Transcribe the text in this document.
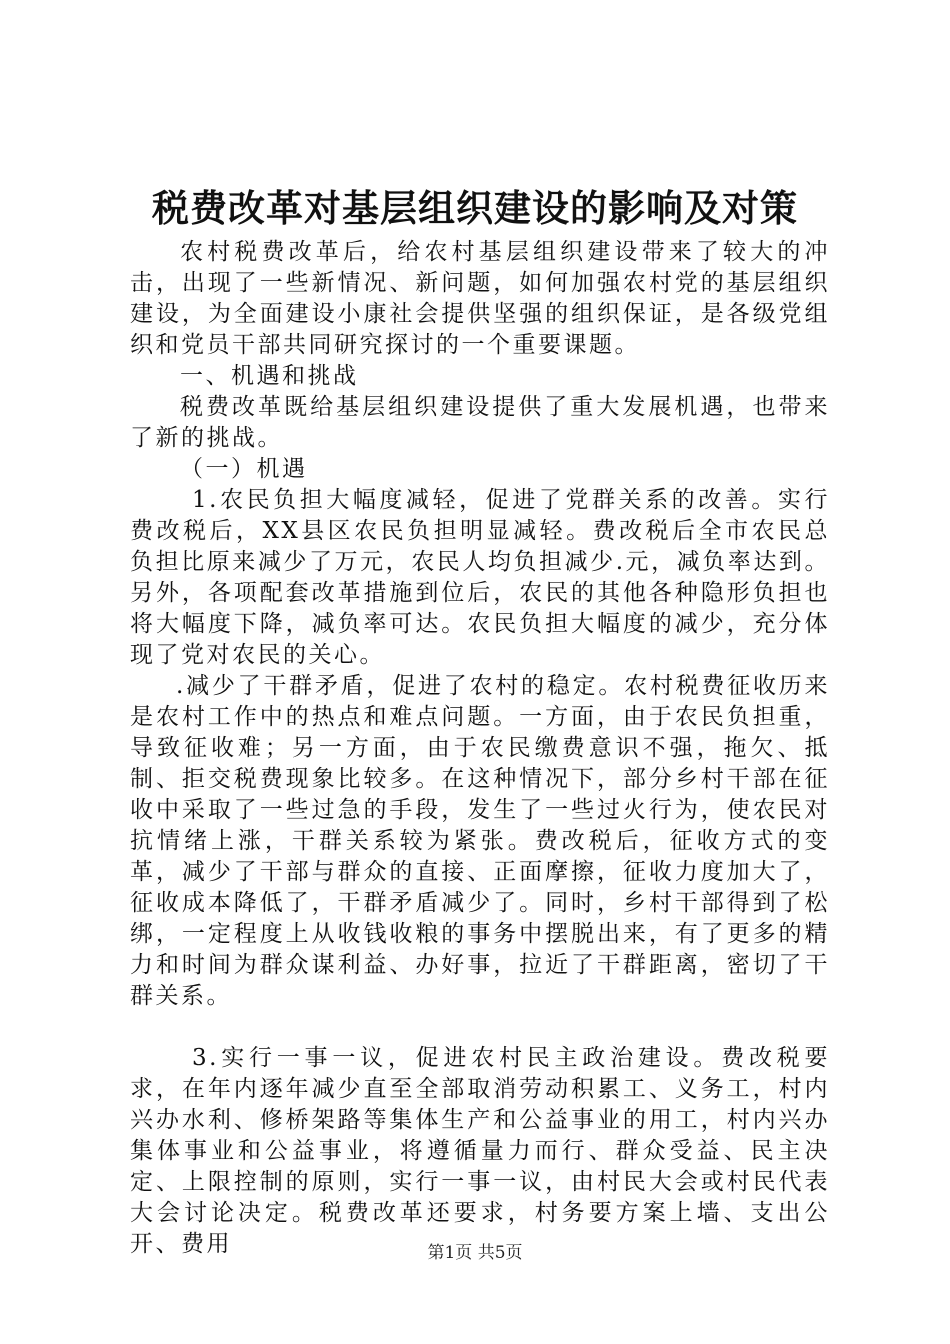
税费改革对基层组织建设的影响及对策

农村税费改革后，给农村基层组织建设带来了较大的冲击，出现了一些新情况、新问题，如何加强农村党的基层组织建设，为全面建设小康社会提供坚强的组织保证，是各级党组织和党员干部共同研究探讨的一个重要课题。

一、机遇和挑战

税费改革既给基层组织建设提供了重大发展机遇，也带来了新的挑战。

（一）机遇

1.农民负担大幅度减轻，促进了党群关系的改善。实行费改税后，XX县区农民负担明显减轻。费改税后全市农民总负担比原来减少了万元，农民人均负担减少.元，减负率达到。另外，各项配套改革措施到位后，农民的其他各种隐形负担也将大幅度下降，减负率可达。农民负担大幅度的减少，充分体现了党对农民的关心。

.减少了干群矛盾，促进了农村的稳定。农村税费征收历来是农村工作中的热点和难点问题。一方面，由于农民负担重，导致征收难；另一方面，由于农民缴费意识不强，拖欠、抵制、拒交税费现象比较多。在这种情况下，部分乡村干部在征收中采取了一些过急的手段，发生了一些过火行为，使农民对抗情绪上涨，干群关系较为紧张。费改税后，征收方式的变革，减少了干部与群众的直接、正面摩擦，征收力度加大了，征收成本降低了，干群矛盾减少了。同时，乡村干部得到了松绑，一定程度上从收钱收粮的事务中摆脱出来，有了更多的精力和时间为群众谋利益、办好事，拉近了干群距离，密切了干群关系。

3.实行一事一议，促进农村民主政治建设。费改税要求，在年内逐年减少直至全部取消劳动积累工、义务工，村内兴办水利、修桥架路等集体生产和公益事业的用工，村内兴办集体事业和公益事业，将遵循量力而行、群众受益、民主决定、上限控制的原则，实行一事一议，由村民大会或村民代表大会讨论决定。税费改革还要求，村务要方案上墙、支出公开、费用	第1页 共5页
